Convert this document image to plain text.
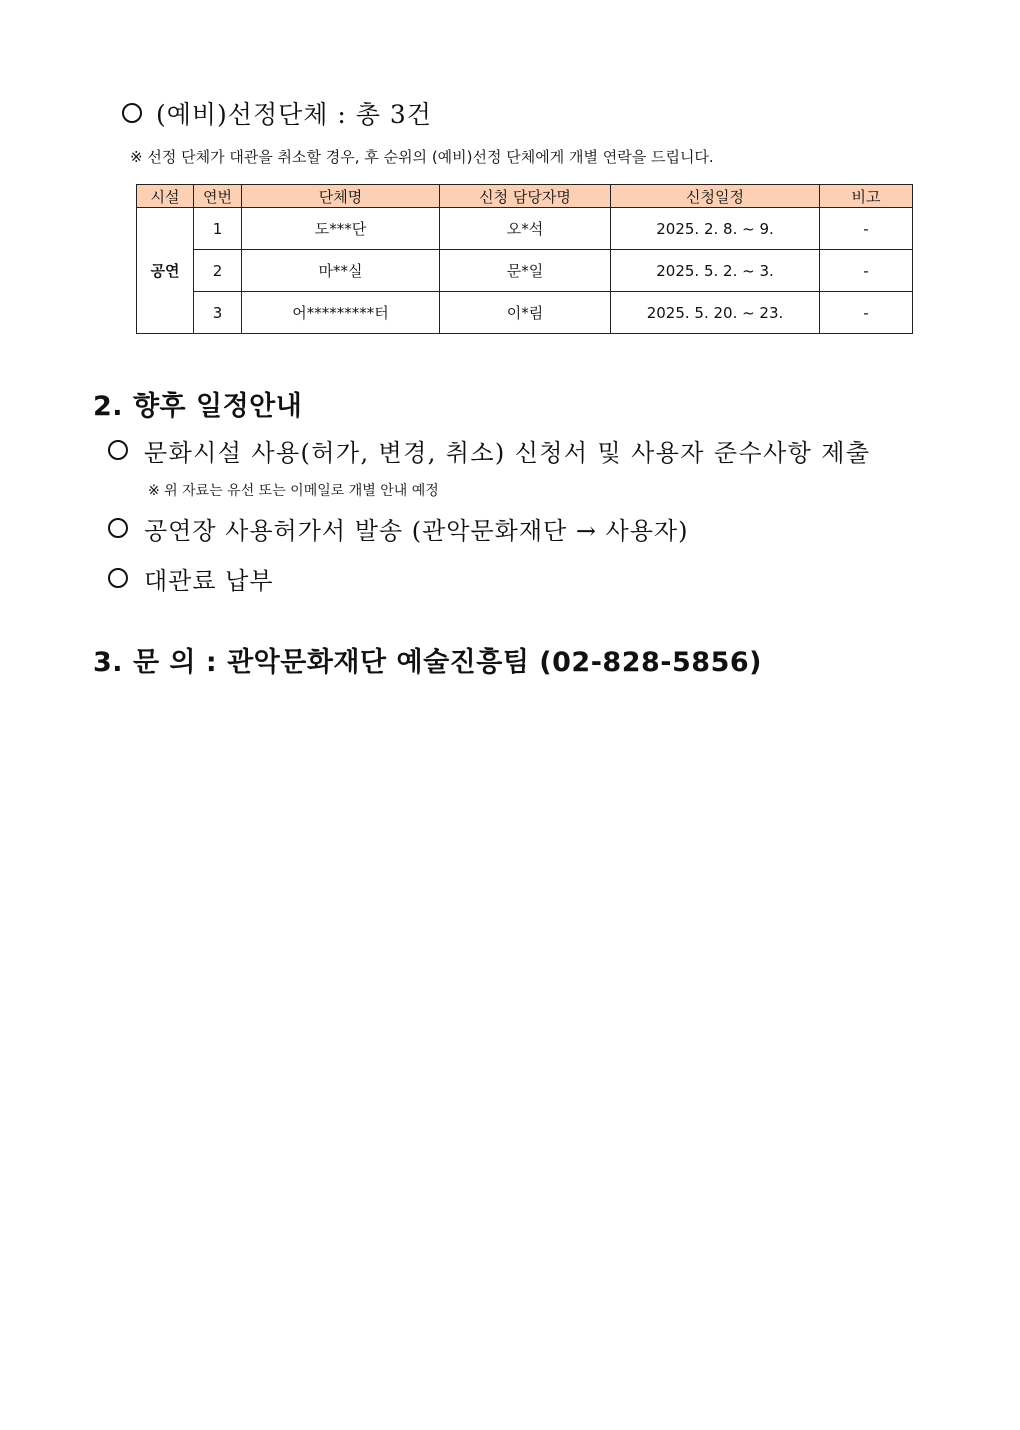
(예비)선정단체 : 총 3건
※ 선정 단체가 대관을 취소할 경우, 후 순위의 (예비)선정 단체에게 개별 연락을 드립니다.
시설	연번	단체명	신청 담당자명	신청일정	비고
공연	1	도***단	오*석	2025. 2. 8. ~ 9.	-
	2	마**실	문*일	2025. 5. 2. ~ 3.	-
	3	어*********터	이*림	2025. 5. 20. ~ 23.	-
2. 향후 일정안내
문화시설 사용(허가, 변경, 취소) 신청서 및 사용자 준수사항 제출
※ 위 자료는 유선 또는 이메일로 개별 안내 예정
공연장 사용허가서 발송 (관악문화재단 → 사용자)
대관료 납부
3. 문 의 : 관악문화재단 예술진흥팀 (02-828-5856)
